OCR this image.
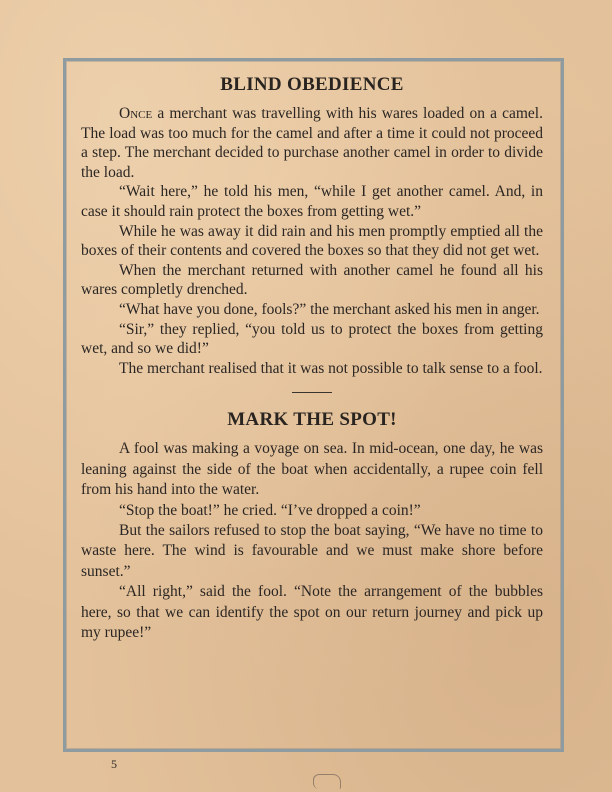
BLIND OBEDIENCE

Once a merchant was travelling with his wares loaded on a camel. The load was too much for the camel and after a time it could not proceed a step. The merchant decided to purchase another camel in order to divide the load.

“Wait here,” he told his men, “while I get another camel. And, in case it should rain protect the boxes from getting wet.”

While he was away it did rain and his men promptly emptied all the boxes of their contents and covered the boxes so that they did not get wet.

When the merchant returned with another camel he found all his wares completly drenched.

“What have you done, fools?” the merchant asked his men in anger.

“Sir,” they replied, “you told us to protect the boxes from getting wet, and so we did!”

The merchant realised that it was not possible to talk sense to a fool.

MARK THE SPOT!

A fool was making a voyage on sea. In mid-ocean, one day, he was leaning against the side of the boat when accidentally, a rupee coin fell from his hand into the water.

“Stop the boat!” he cried. “I’ve dropped a coin!”

But the sailors refused to stop the boat saying, “We have no time to waste here. The wind is favourable and we must make shore before sunset.”

“All right,” said the fool. “Note the arrangement of the bubbles here, so that we can identify the spot on our return journey and pick up my rupee!”

5
